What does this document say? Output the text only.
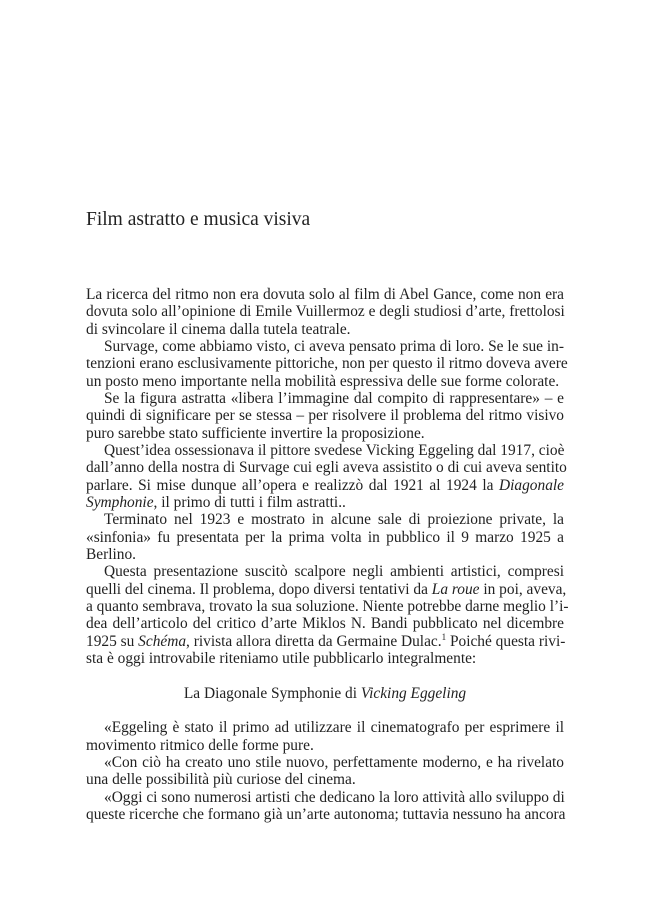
Film astratto e musica visiva
La ricerca del ritmo non era dovuta solo al film di Abel Gance, come non era
dovuta solo all’opinione di Emile Vuillermoz e degli studiosi d’arte, frettolosi
di svincolare il cinema dalla tutela teatrale.
Survage, come abbiamo visto, ci aveva pensato prima di loro. Se le sue in-
tenzioni erano esclusivamente pittoriche, non per questo il ritmo doveva avere
un posto meno importante nella mobilità espressiva delle sue forme colorate.
Se la figura astratta «libera l’immagine dal compito di rappresentare» – e
quindi di significare per se stessa – per risolvere il problema del ritmo visivo
puro sarebbe stato sufficiente invertire la proposizione.
Quest’idea ossessionava il pittore svedese Vicking Eggeling dal 1917, cioè
dall’anno della nostra di Survage cui egli aveva assistito o di cui aveva sentito
parlare. Si mise dunque all’opera e realizzò dal 1921 al 1924 la Diagonale
Symphonie, il primo di tutti i film astratti..
Terminato nel 1923 e mostrato in alcune sale di proiezione private, la
«sinfonia» fu presentata per la prima volta in pubblico il 9 marzo 1925 a
Berlino.
Questa presentazione suscitò scalpore negli ambienti artistici, compresi
quelli del cinema. Il problema, dopo diversi tentativi da La roue in poi, aveva,
a quanto sembrava, trovato la sua soluzione. Niente potrebbe darne meglio l’i-
dea dell’articolo del critico d’arte Miklos N. Bandi pubblicato nel dicembre
1925 su Schéma, rivista allora diretta da Germaine Dulac.$^1$ Poiché questa rivi-
sta è oggi introvabile riteniamo utile pubblicarlo integralmente:
La Diagonale Symphonie di Vicking Eggeling
«Eggeling è stato il primo ad utilizzare il cinematografo per esprimere il
movimento ritmico delle forme pure.
«Con ciò ha creato uno stile nuovo, perfettamente moderno, e ha rivelato
una delle possibilità più curiose del cinema.
«Oggi ci sono numerosi artisti che dedicano la loro attività allo sviluppo di
queste ricerche che formano già un’arte autonoma; tuttavia nessuno ha ancora
